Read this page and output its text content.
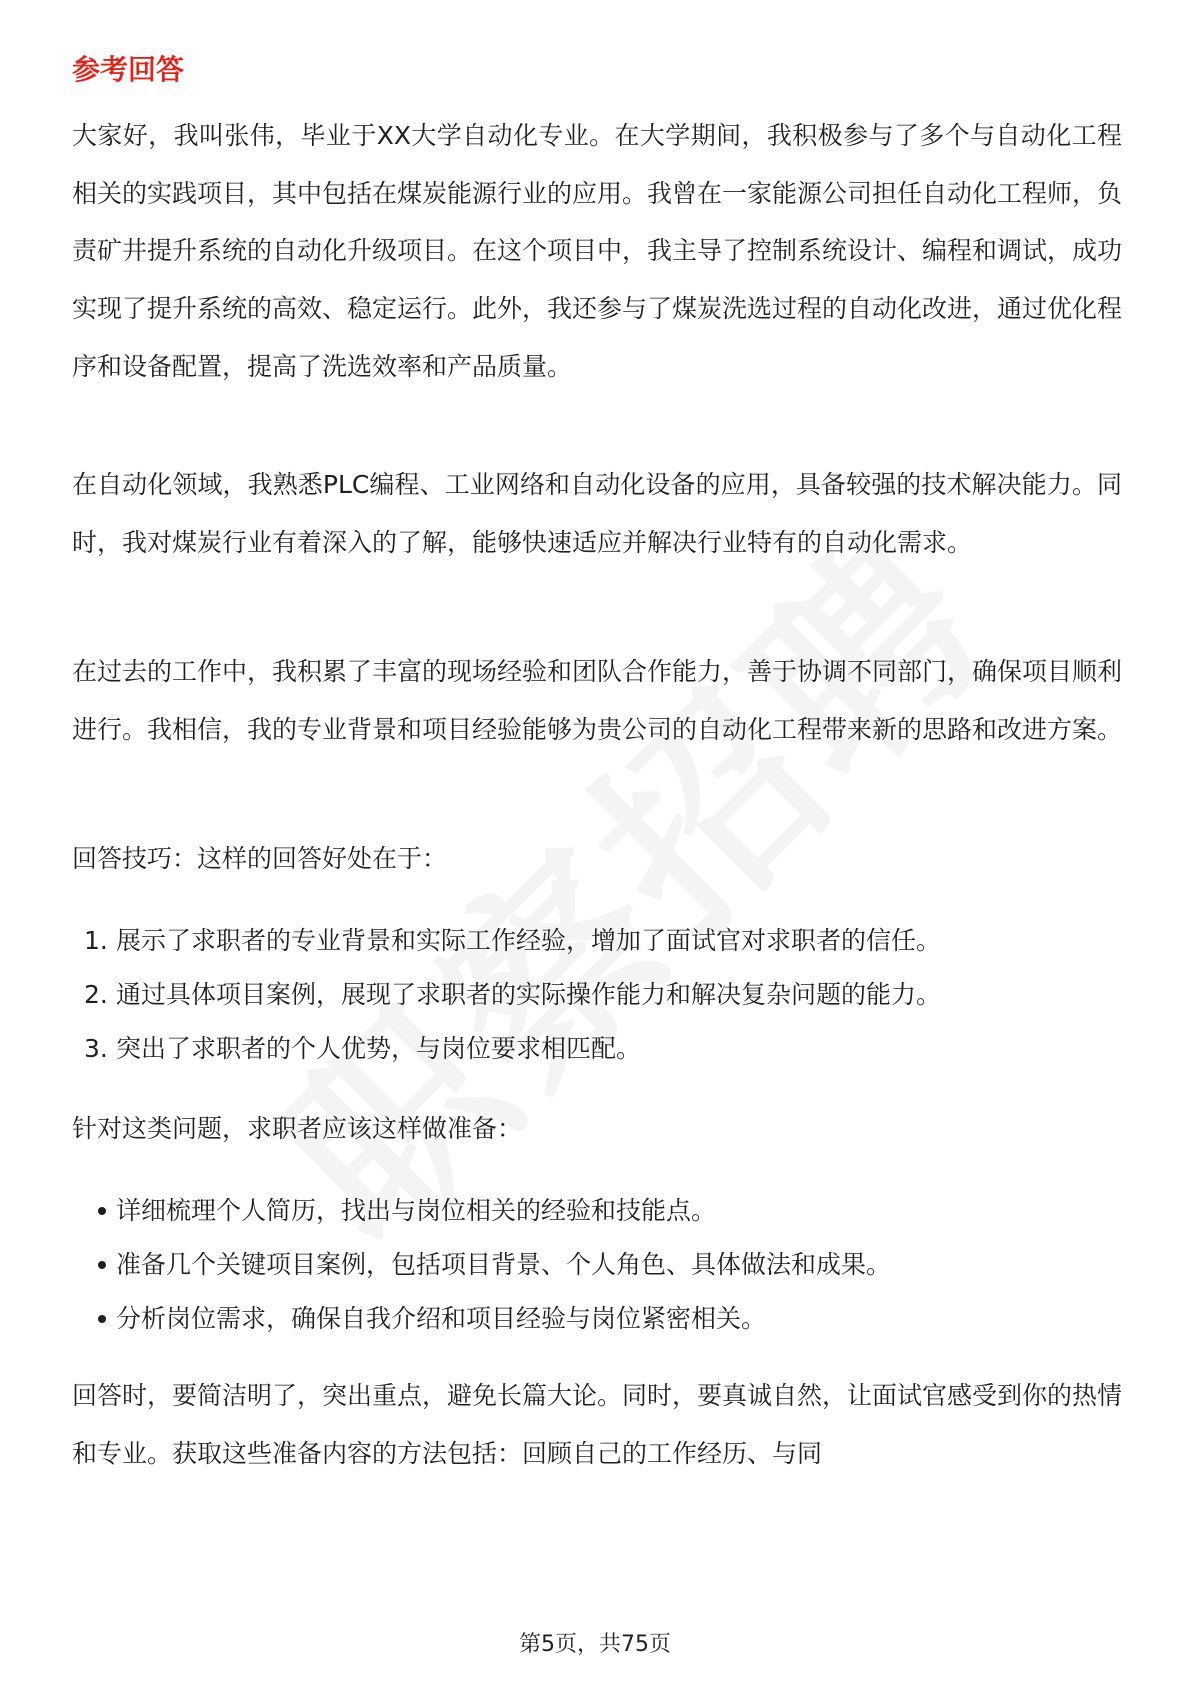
参考回答

大家好，我叫张伟，毕业于XX大学自动化专业。在大学期间，我积极参与了多个与自动化工程相关的实践项目，其中包括在煤炭能源行业的应用。我曾在一家能源公司担任自动化工程师，负责矿井提升系统的自动化升级项目。在这个项目中，我主导了控制系统设计、编程和调试，成功实现了提升系统的高效、稳定运行。此外，我还参与了煤炭洗选过程的自动化改进，通过优化程序和设备配置，提高了洗选效率和产品质量。

在自动化领域，我熟悉PLC编程、工业网络和自动化设备的应用，具备较强的技术解决能力。同时，我对煤炭行业有着深入的了解，能够快速适应并解决行业特有的自动化需求。

在过去的工作中，我积累了丰富的现场经验和团队合作能力，善于协调不同部门，确保项目顺利进行。我相信，我的专业背景和项目经验能够为贵公司的自动化工程带来新的思路和改进方案。

回答技巧：这样的回答好处在于：

1. 展示了求职者的专业背景和实际工作经验，增加了面试官对求职者的信任。

2. 通过具体项目案例，展现了求职者的实际操作能力和解决复杂问题的能力。

3. 突出了求职者的个人优势，与岗位要求相匹配。

针对这类问题，求职者应该这样做准备：

详细梳理个人简历，找出与岗位相关的经验和技能点。

准备几个关键项目案例，包括项目背景、个人角色、具体做法和成果。

分析岗位需求，确保自我介绍和项目经验与岗位紧密相关。

回答时，要简洁明了，突出重点，避免长篇大论。同时，要真诚自然，让面试官感受到你的热情和专业。获取这些准备内容的方法包括：回顾自己的工作经历、与同

第5页，共75页
